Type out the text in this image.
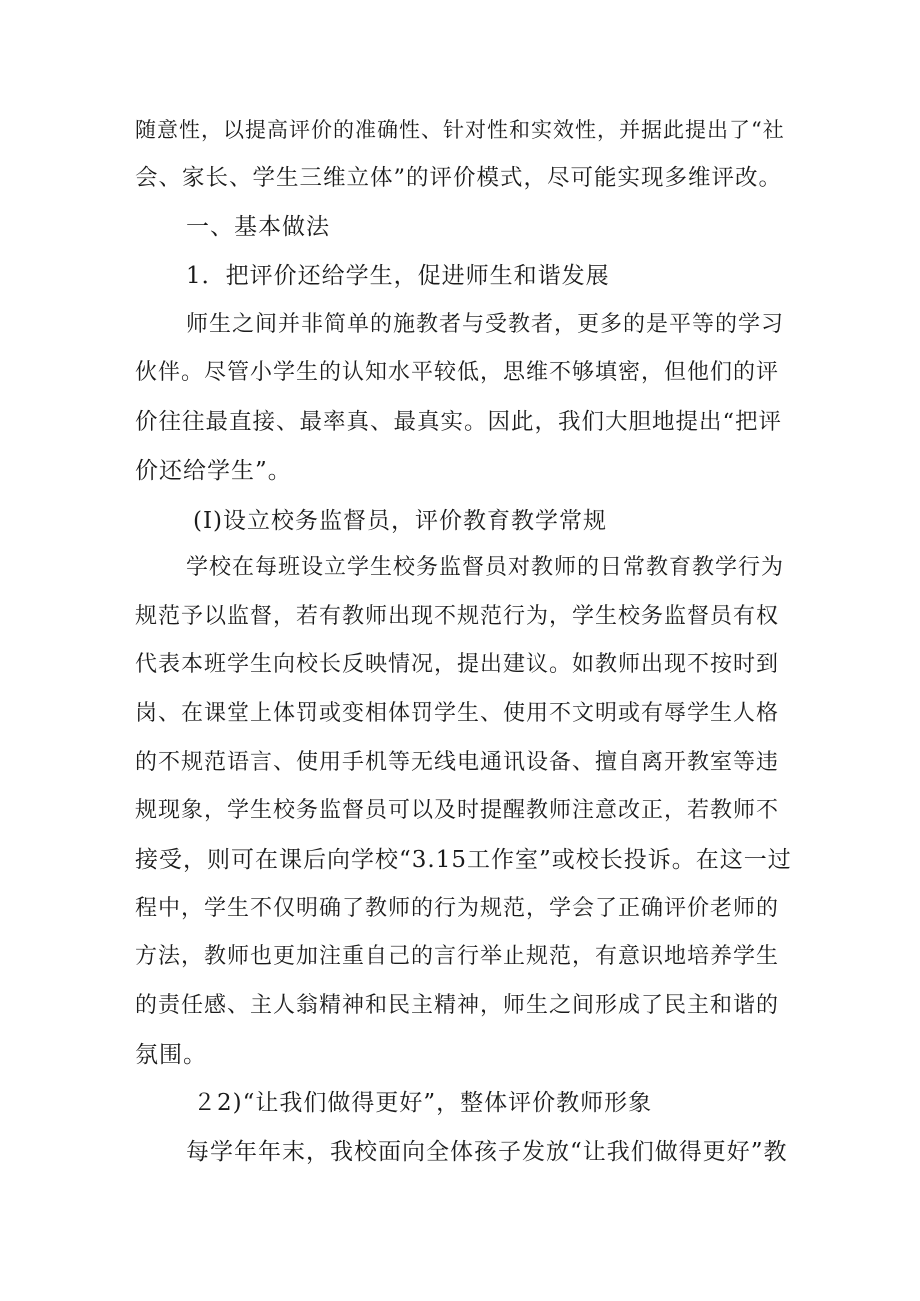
随意性，以提高评价的准确性、针对性和实效性，并据此提出了“社
会、家长、学生三维立体”的评价模式，尽可能实现多维评改。
一、基本做法
1．把评价还给学生，促进师生和谐发展
师生之间并非简单的施教者与受教者，更多的是平等的学习
伙伴。尽管小学生的认知水平较低，思维不够填密，但他们的评
价往往最直接、最率真、最真实。因此，我们大胆地提出“把评
价还给学生”。
(I)设立校务监督员，评价教育教学常规
学校在每班设立学生校务监督员对教师的日常教育教学行为
规范予以监督，若有教师出现不规范行为，学生校务监督员有权
代表本班学生向校长反映情况，提出建议。如教师出现不按时到
岗、在课堂上体罚或变相体罚学生、使用不文明或有辱学生人格
的不规范语言、使用手机等无线电通讯设备、擅自离开教室等违
规现象，学生校务监督员可以及时提醒教师注意改正，若教师不
接受，则可在课后向学校“3.15工作室”或校长投诉。在这一过
程中，学生不仅明确了教师的行为规范，学会了正确评价老师的
方法，教师也更加注重自己的言行举止规范，有意识地培养学生
的责任感、主人翁精神和民主精神，师生之间形成了民主和谐的
氛围。
２2)“让我们做得更好”，整体评价教师形象
每学年年末，我校面向全体孩子发放“让我们做得更好”教
